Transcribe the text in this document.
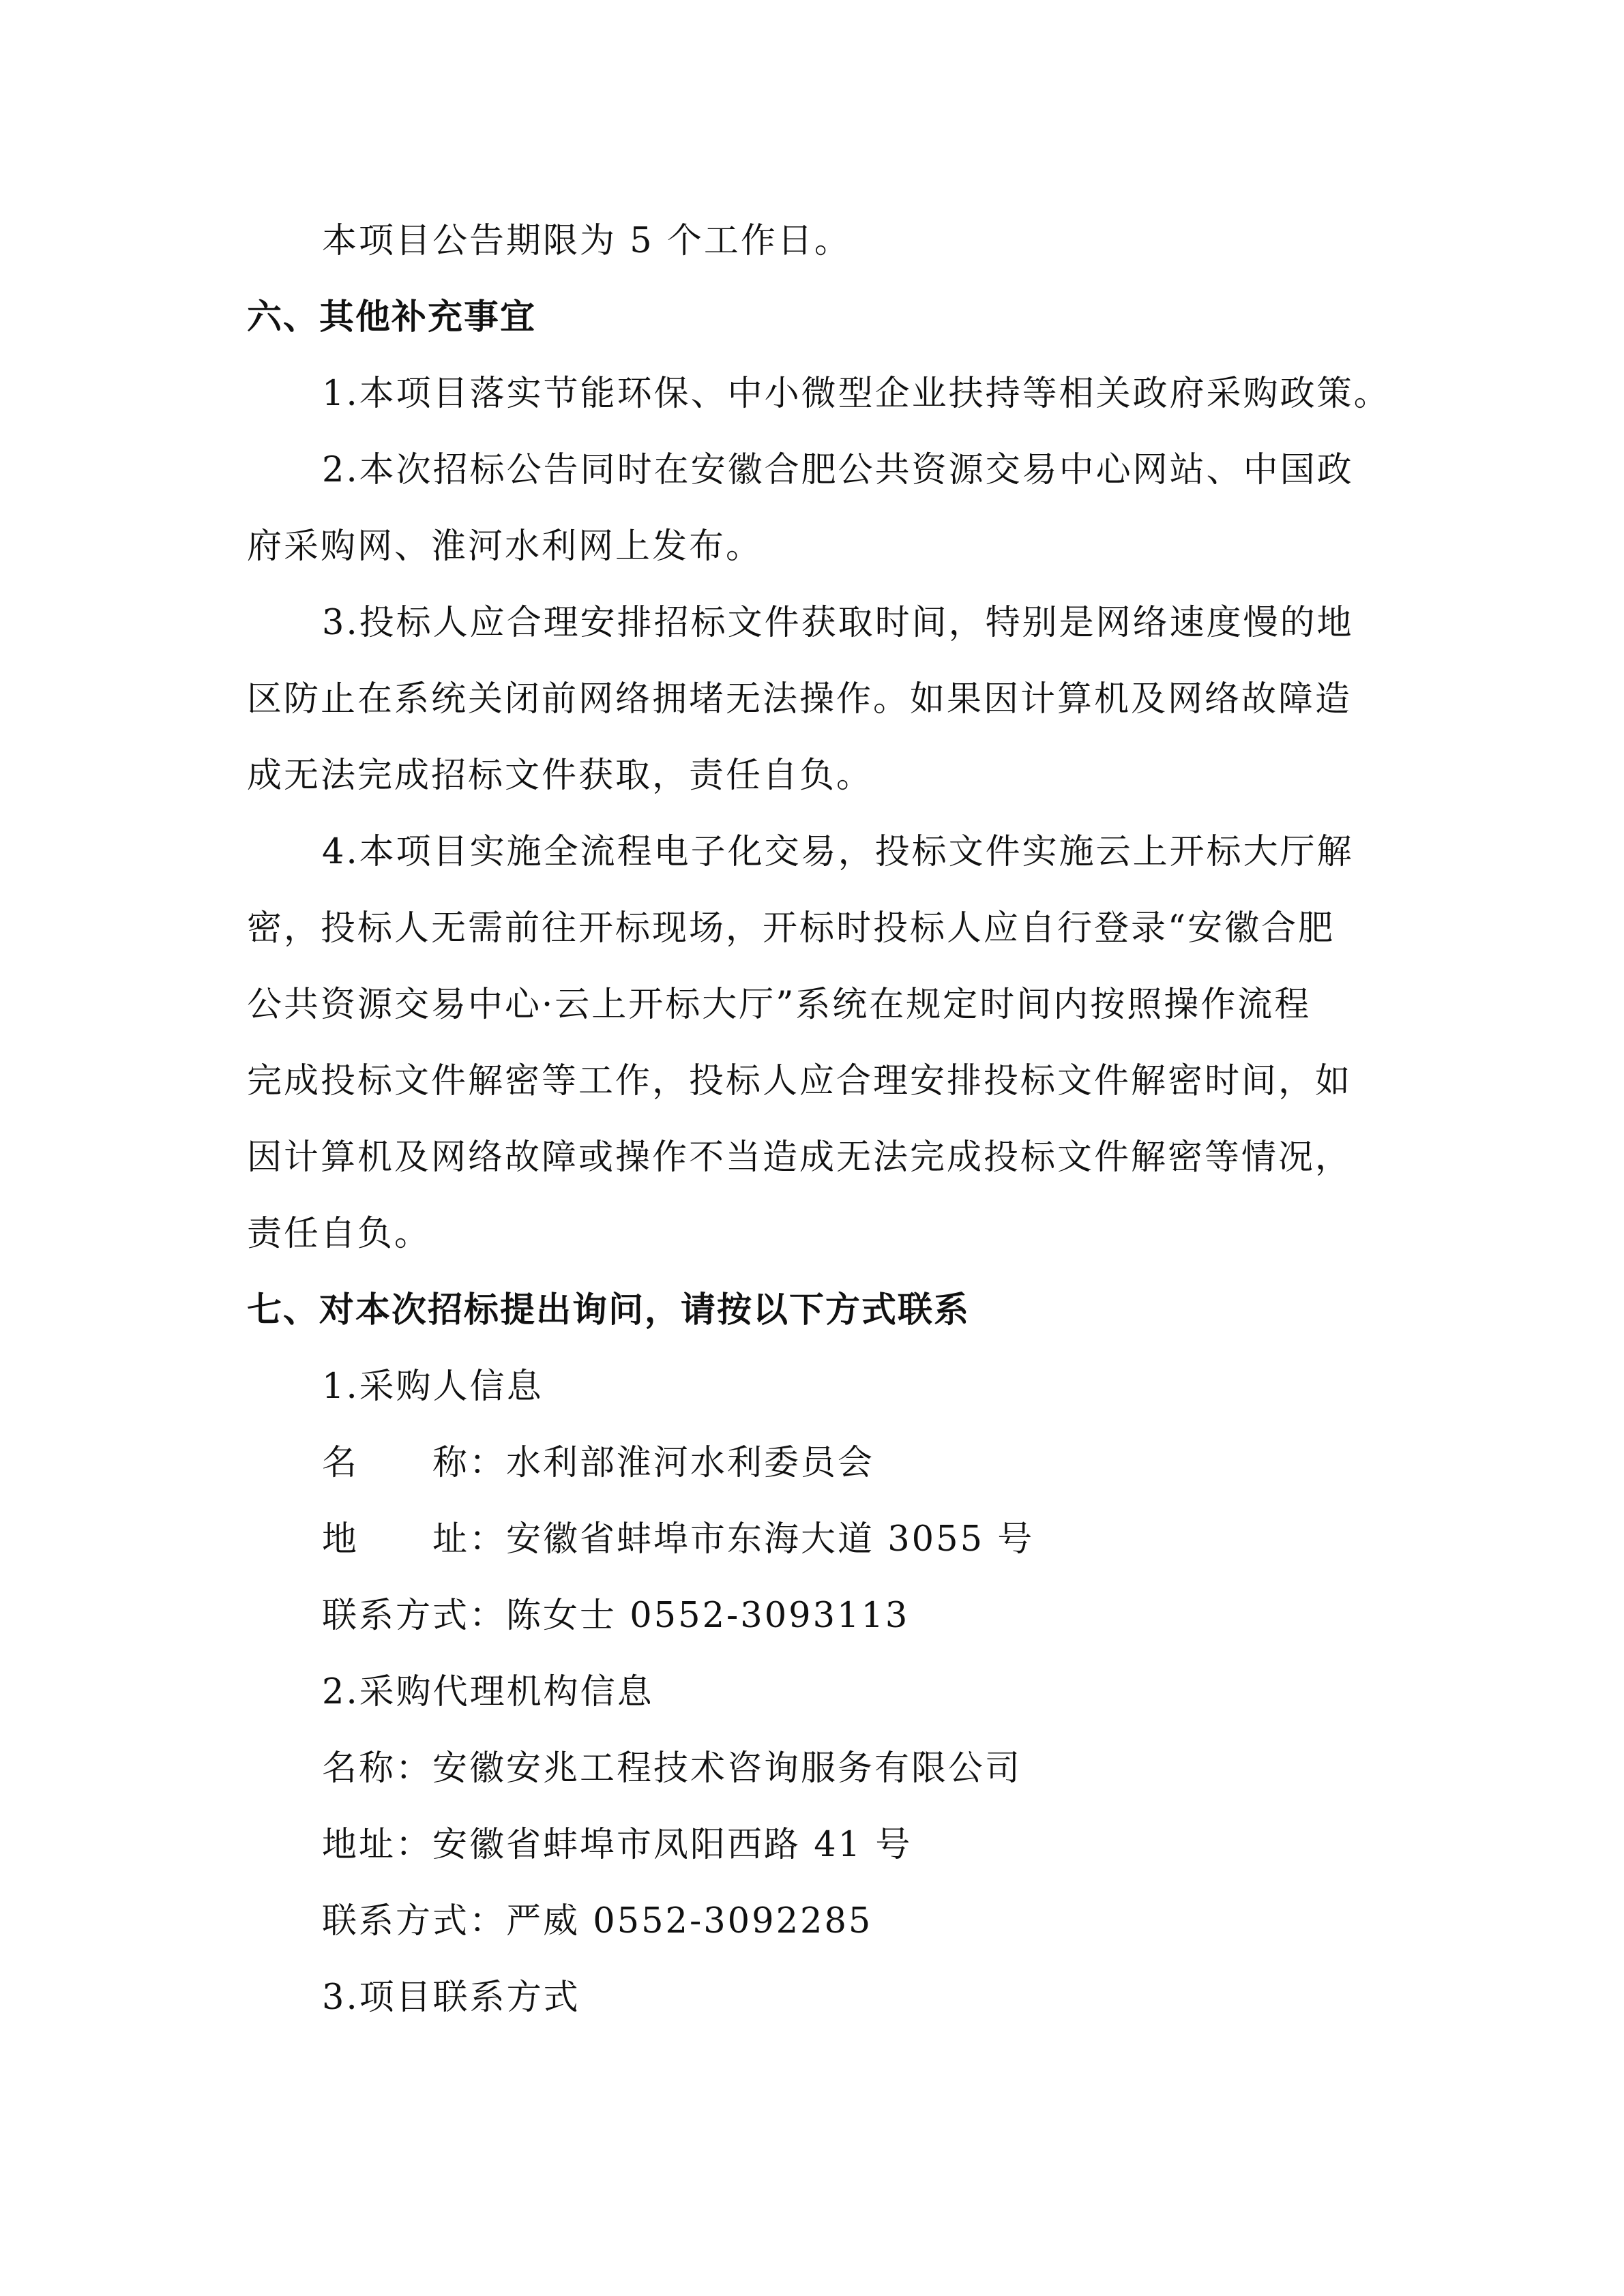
本项目公告期限为 5 个工作日。
六、其他补充事宜
1.本项目落实节能环保、中小微型企业扶持等相关政府采购政策。
2.本次招标公告同时在安徽合肥公共资源交易中心网站、中国政
府采购网、淮河水利网上发布。
3.投标人应合理安排招标文件获取时间，特别是网络速度慢的地
区防止在系统关闭前网络拥堵无法操作。如果因计算机及网络故障造
成无法完成招标文件获取，责任自负。
4.本项目实施全流程电子化交易，投标文件实施云上开标大厅解
密，投标人无需前往开标现场，开标时投标人应自行登录“安徽合肥
公共资源交易中心·云上开标大厅”系统在规定时间内按照操作流程
完成投标文件解密等工作，投标人应合理安排投标文件解密时间，如
因计算机及网络故障或操作不当造成无法完成投标文件解密等情况，
责任自负。
七、对本次招标提出询问，请按以下方式联系
1.采购人信息
名　　称：水利部淮河水利委员会
地　　址：安徽省蚌埠市东海大道 3055 号
联系方式：陈女士 0552-3093113
2.采购代理机构信息
名称：安徽安兆工程技术咨询服务有限公司
地址：安徽省蚌埠市凤阳西路 41 号
联系方式：严威 0552-3092285
3.项目联系方式
